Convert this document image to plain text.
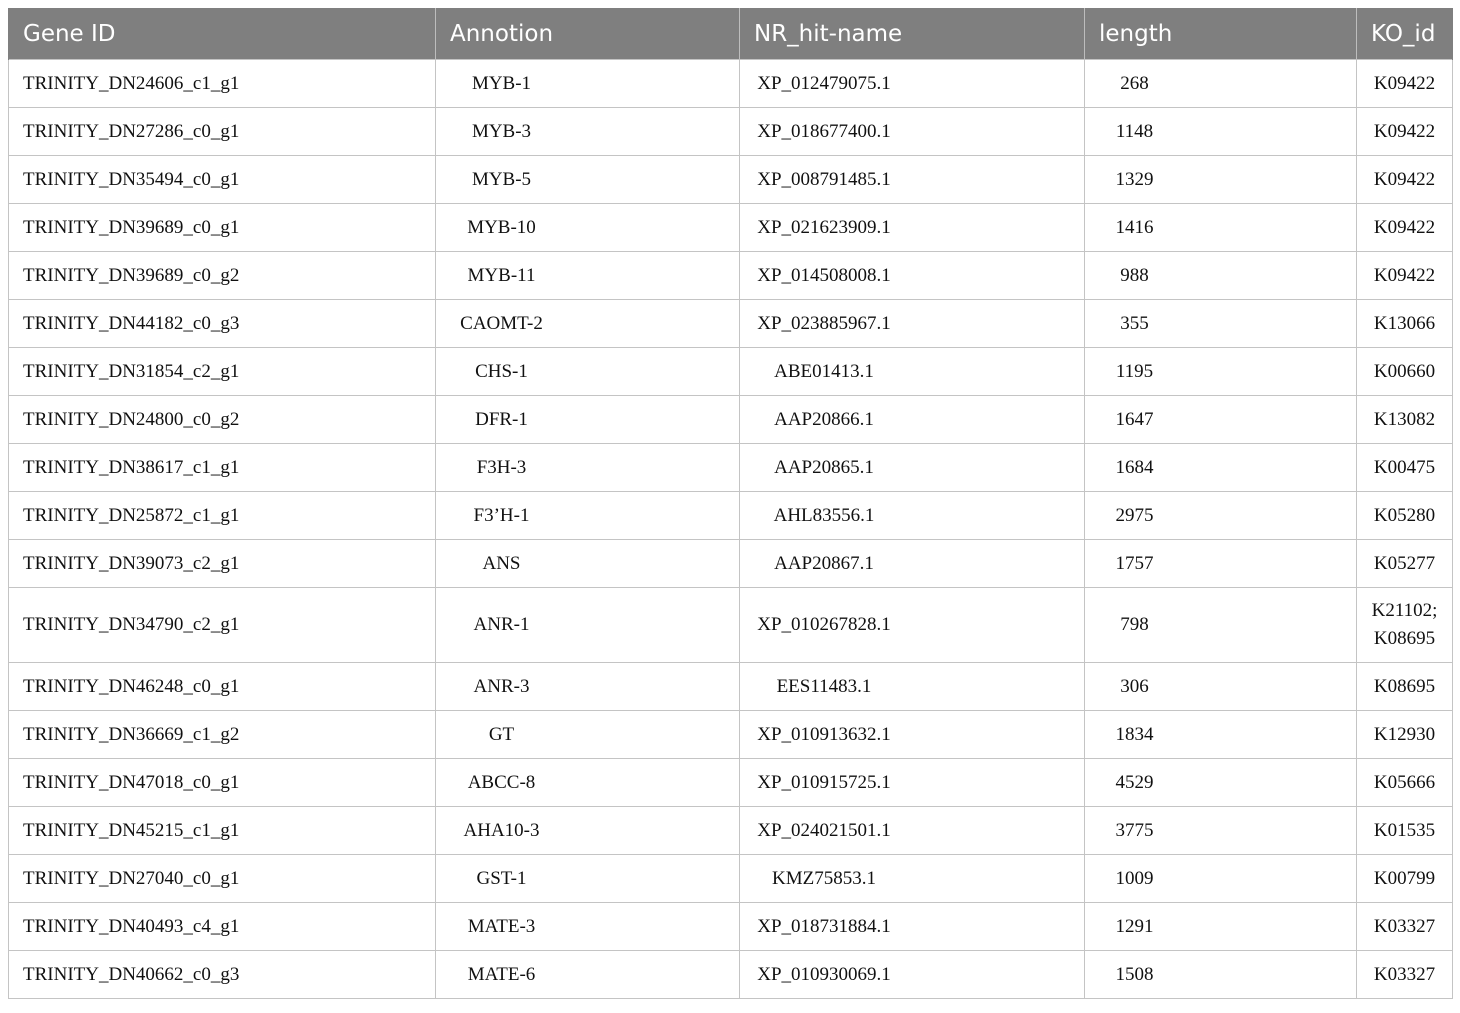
Gene ID	Annotion	NR_hit-name	length	KO_id
TRINITY_DN24606_c1_g1	MYB-1	XP_012479075.1	268	K09422

TRINITY_DN27286_c0_g1	MYB-3	XP_018677400.1	1148	K09422

TRINITY_DN35494_c0_g1	MYB-5	XP_008791485.1	1329	K09422

TRINITY_DN39689_c0_g1	MYB-10	XP_021623909.1	1416	K09422

TRINITY_DN39689_c0_g2	MYB-11	XP_014508008.1	988	K09422

TRINITY_DN44182_c0_g3	CAOMT-2	XP_023885967.1	355	K13066

TRINITY_DN31854_c2_g1	CHS-1	ABE01413.1	1195	K00660

TRINITY_DN24800_c0_g2	DFR-1	AAP20866.1	1647	K13082

TRINITY_DN38617_c1_g1	F3H-3	AAP20865.1	1684	K00475

TRINITY_DN25872_c1_g1	F3’H-1	AHL83556.1	2975	K05280

TRINITY_DN39073_c2_g1	ANS	AAP20867.1	1757	K05277

TRINITY_DN34790_c2_g1	ANR-1	XP_010267828.1	798	K21102;
K08695

TRINITY_DN46248_c0_g1	ANR-3	EES11483.1	306	K08695

TRINITY_DN36669_c1_g2	GT	XP_010913632.1	1834	K12930

TRINITY_DN47018_c0_g1	ABCC-8	XP_010915725.1	4529	K05666

TRINITY_DN45215_c1_g1	AHA10-3	XP_024021501.1	3775	K01535

TRINITY_DN27040_c0_g1	GST-1	KMZ75853.1	1009	K00799

TRINITY_DN40493_c4_g1	MATE-3	XP_018731884.1	1291	K03327

TRINITY_DN40662_c0_g3	MATE-6	XP_010930069.1	1508	K03327
